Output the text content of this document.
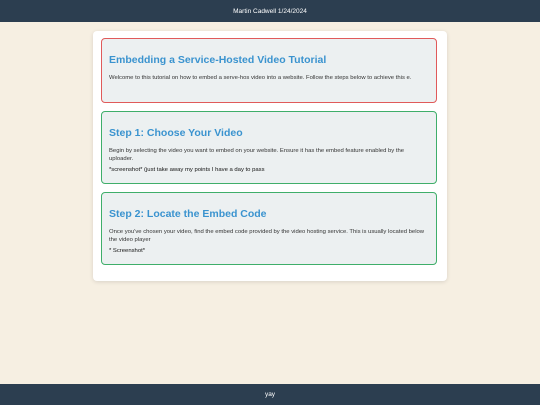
Martin Cadwell 1/24/2024
Embedding a Service-Hosted Video Tutorial

Welcome to this tutorial on how to embed a serve-hos video into a website. Follow the steps below to achieve this e.

Step 1: Choose Your Video

Begin by selecting the video you want to embed on your website. Ensure it has the embed feature enabled by the uploader.

*screenshot* (just take away my points I have a day to pass

Step 2: Locate the Embed Code

Once you've chosen your video, find the embed code provided by the video hosting service. This is usually located below the video player

* Screenshot*

yay
